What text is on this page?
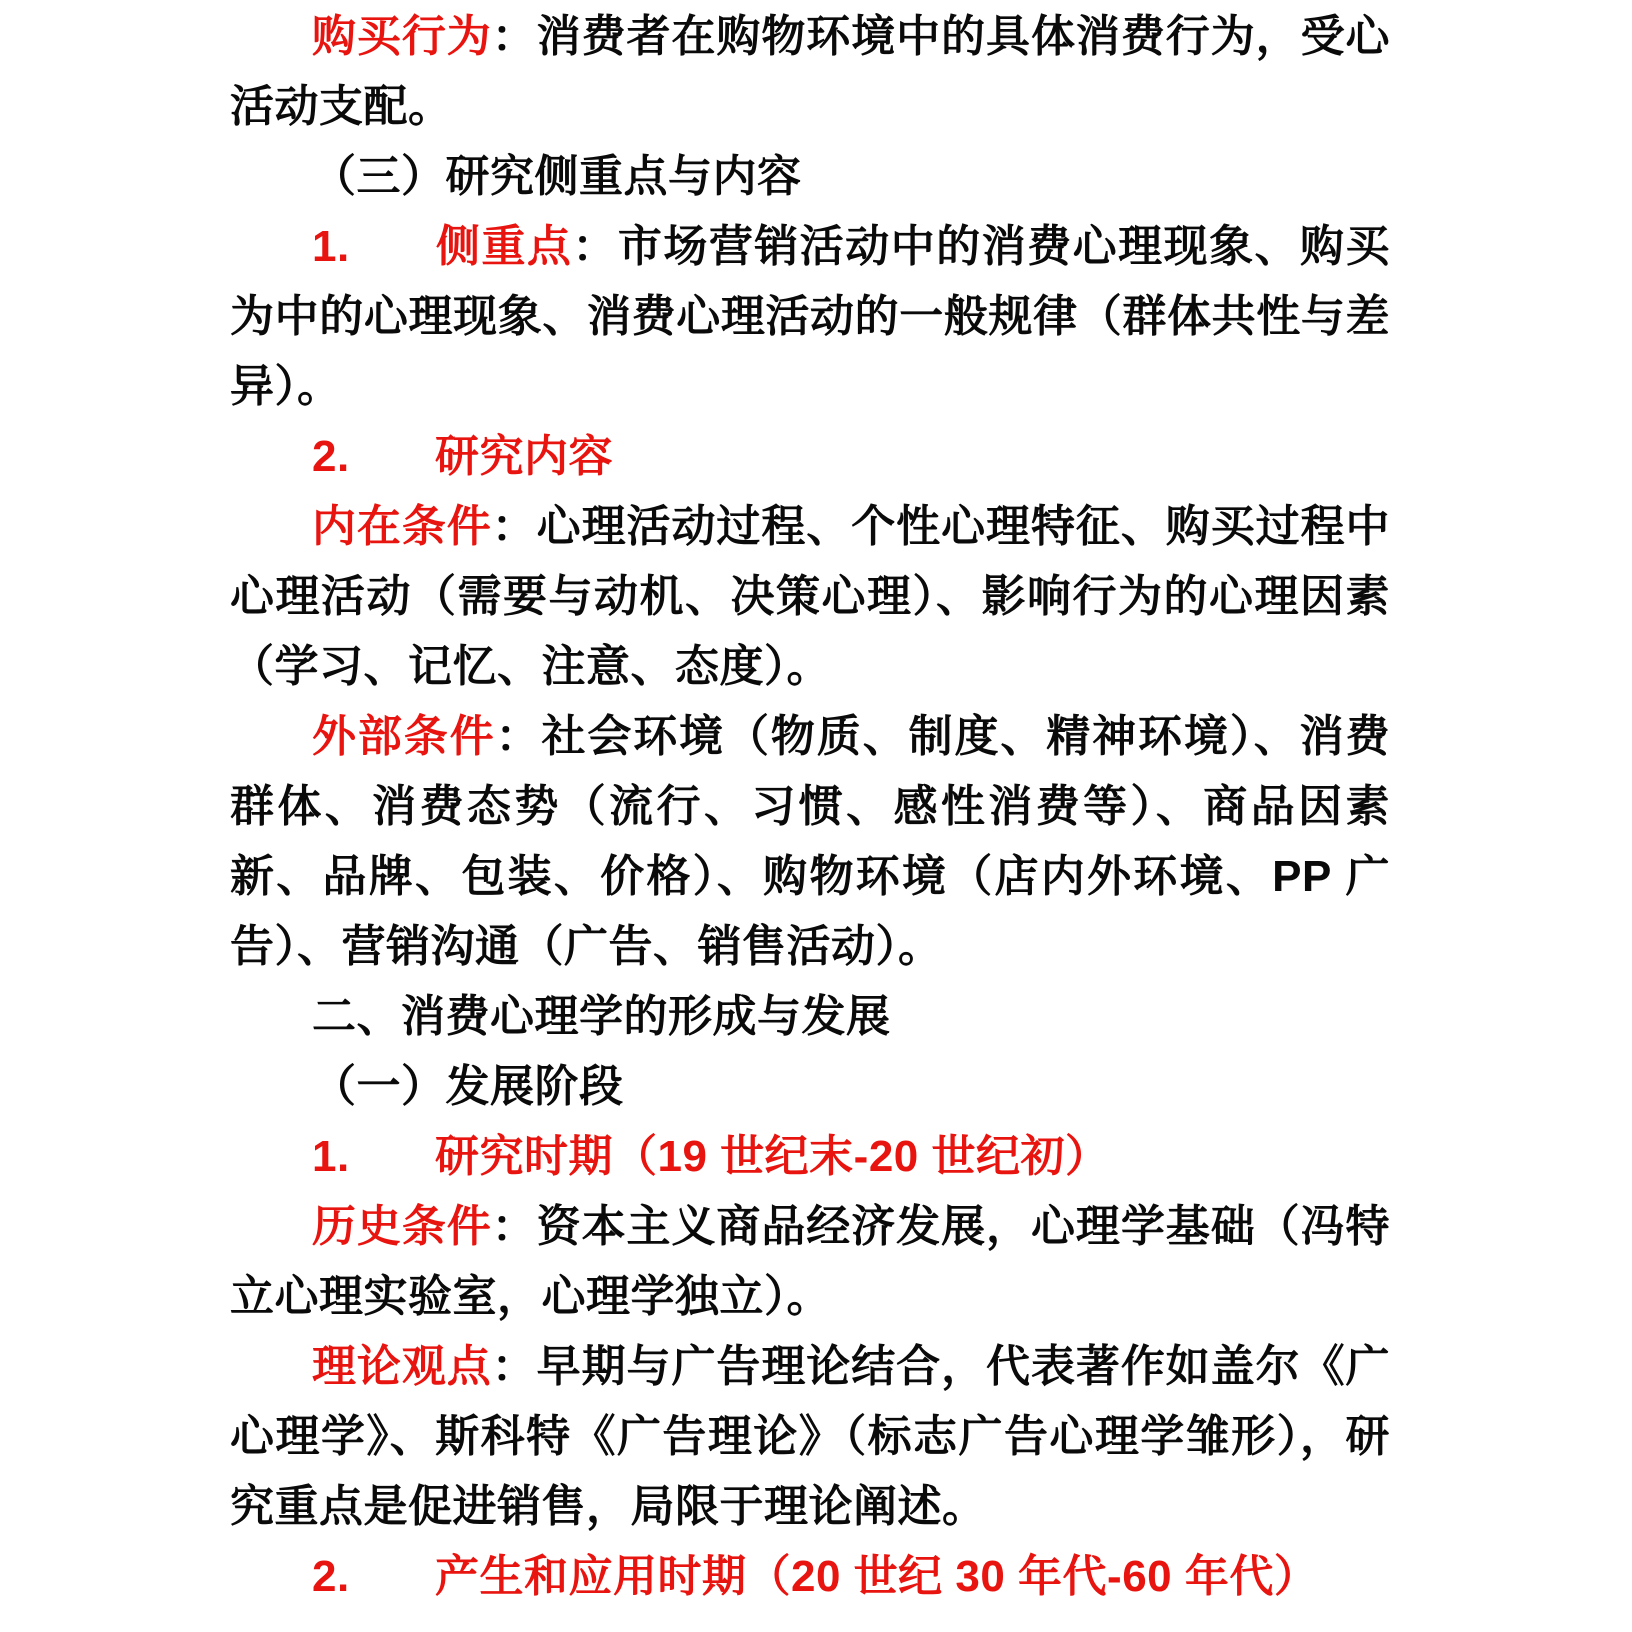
购买行为：消费者在购物环境中的具体消费行为，受心
活动支配。
（三）研究侧重点与内容
1. 侧重点：市场营销活动中的消费心理现象、购买
为中的心理现象、消费心理活动的一般规律（群体共性与差
异）。
2. 研究内容
内在条件：心理活动过程、个性心理特征、购买过程中
心理活动（需要与动机、决策心理）、影响行为的心理因素
（学习、记忆、注意、态度）。
外部条件：社会环境（物质、制度、精神环境）、消费
群体、消费态势（流行、习惯、感性消费等）、商品因素
新、品牌、包装、价格）、购物环境（店内外环境、PP 广
告）、营销沟通（广告、销售活动）。
二、消费心理学的形成与发展
（一）发展阶段
1. 研究时期（19 世纪末-20 世纪初）
历史条件：资本主义商品经济发展，心理学基础（冯特
立心理实验室，心理学独立）。
理论观点：早期与广告理论结合，代表著作如盖尔《广
心理学》、斯科特《广告理论》（标志广告心理学雏形），研
究重点是促进销售，局限于理论阐述。
2. 产生和应用时期（20 世纪 30 年代-60 年代）
